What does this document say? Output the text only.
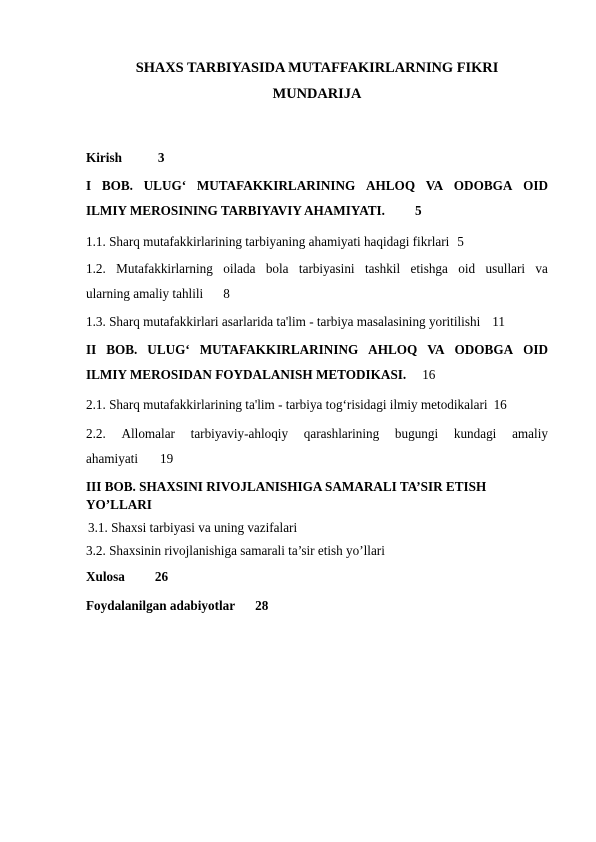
SHAXS TARBIYASIDA MUTAFFAKIRLARNING FIKRI
MUNDARIJA
Kirish	3
I BOB. ULUG‘ MUTAFAKKIRLARINING AHLOQ VA ODOBGA OID
ILMIY MEROSINING TARBIYAVIY AHAMIYATI. 5
1.1. Sharq mutafakkirlarining tarbiyaning ahamiyati haqidagi fikrlari 5
1.2. Mutafakkirlarning oilada bola tarbiyasini tashkil etishga oid usullari va
ularning amaliy tahlili 8
1.3. Sharq mutafakkirlari asarlarida ta'lim - tarbiya masalasining yoritilishi 11
II BOB. ULUG‘ MUTAFAKKIRLARINING AHLOQ VA ODOBGA OID
ILMIY MEROSIDAN FOYDALANISH METODIKASI. 16
2.1. Sharq mutafakkirlarining ta'lim - tarbiya tog‘risidagi ilmiy metodikalari 16
2.2. Allomalar tarbiyaviy-ahloqiy qarashlarining bugungi kundagi amaliy
ahamiyati 19
III BOB. SHAXSINI RIVOJLANISHIGA SAMARALI TA’SIR ETISH
YO’LLARI
3.1. Shaxsi tarbiyasi va uning vazifalari
3.2. Shaxsinin rivojlanishiga samarali ta’sir etish yo’llari
Xulosa 26
Foydalanilgan adabiyotlar 28
